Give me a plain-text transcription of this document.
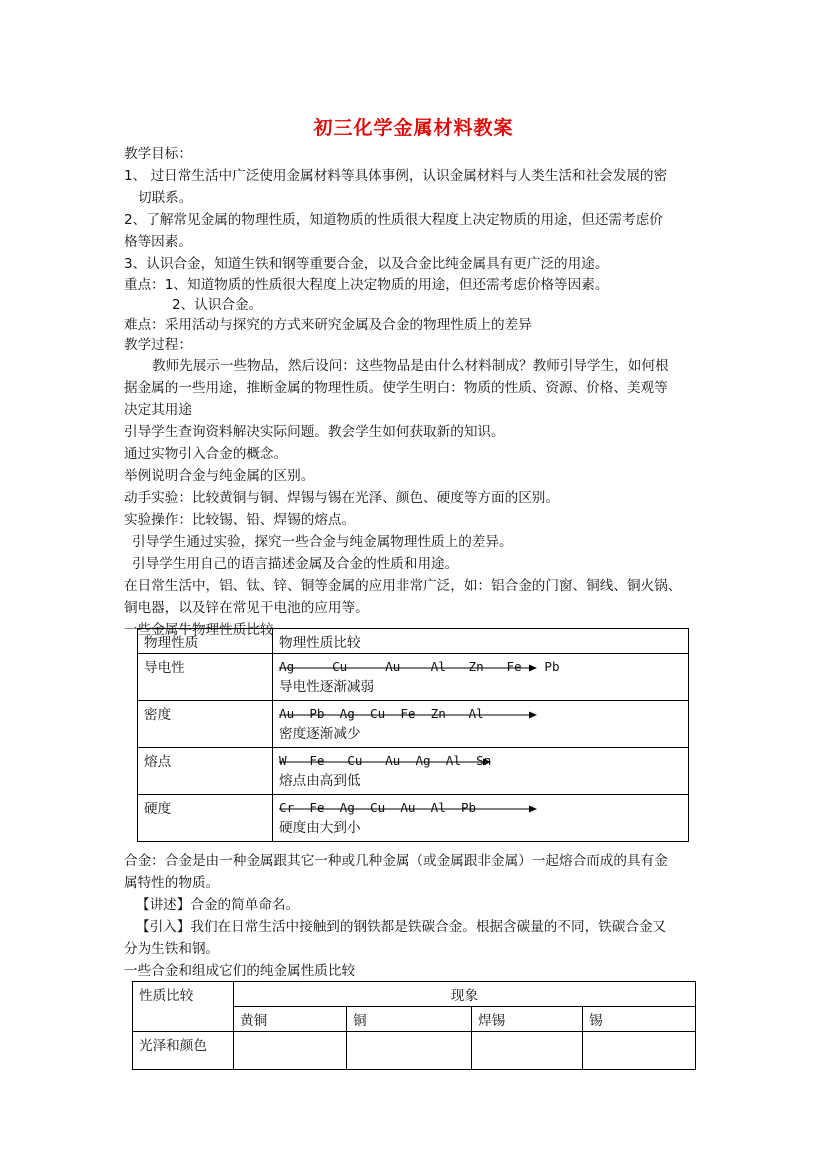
初三化学金属材料教案

教学目标：

1、 过日常生活中广泛使用金属材料等具体事例，认识金属材料与人类生活和社会发展的密

切联系。

2、了解常见金属的物理性质，知道物质的性质很大程度上决定物质的用途，但还需考虑价

格等因素。

3、认识合金，知道生铁和钢等重要合金，以及合金比纯金属具有更广泛的用途。

重点：1、知道物质的性质很大程度上决定物质的用途，但还需考虑价格等因素。

2、认识合金。

难点：采用活动与探究的方式来研究金属及合金的物理性质上的差异

教学过程：

教师先展示一些物品，然后设问：这些物品是由什么材料制成？教师引导学生，如何根

据金属的一些用途，推断金属的物理性质。使学生明白：物质的性质、资源、价格、美观等

决定其用途

引导学生查询资料解决实际问题。教会学生如何获取新的知识。

通过实物引入合金的概念。

举例说明合金与纯金属的区别。

动手实验：比较黄铜与铜、焊锡与锡在光泽、颜色、硬度等方面的区别。

实验操作：比较锡、铅、焊锡的熔点。

引导学生通过实验，探究一些合金与纯金属物理性质上的差异。

引导学生用自己的语言描述金属及合金的性质和用途。

在日常生活中，铝、钛、锌、铜等金属的应用非常广泛，如：铝合金的门窗、铜线、铜火锅、

铜电器，以及锌在常见干电池的应用等。

一些金属牛物理性质比较

物理性质	物理性质比较
导电性	Ag     Cu     Au    Al   Zn   Fe   Pb
导电性逐渐减弱

密度	Au  Pb  Ag  Cu  Fe  Zn   Al
密度逐渐减少

熔点	W   Fe   Cu   Au  Ag  Al  Sn
熔点由高到低

硬度	Cr  Fe  Ag  Cu  Au  Al  Pb
硬度由大到小

合金：合金是由一种金属跟其它一种或几种金属（或金属跟非金属）一起熔合而成的具有金

属特性的物质。

【讲述】合金的简单命名。

【引入】我们在日常生活中接触到的钢铁都是铁碳合金。根据含碳量的不同，铁碳合金又

分为生铁和钢。

一些合金和组成它们的纯金属性质比较

性质比较	现象			
	黄铜	铜	焊锡	锡
光泽和颜色				
